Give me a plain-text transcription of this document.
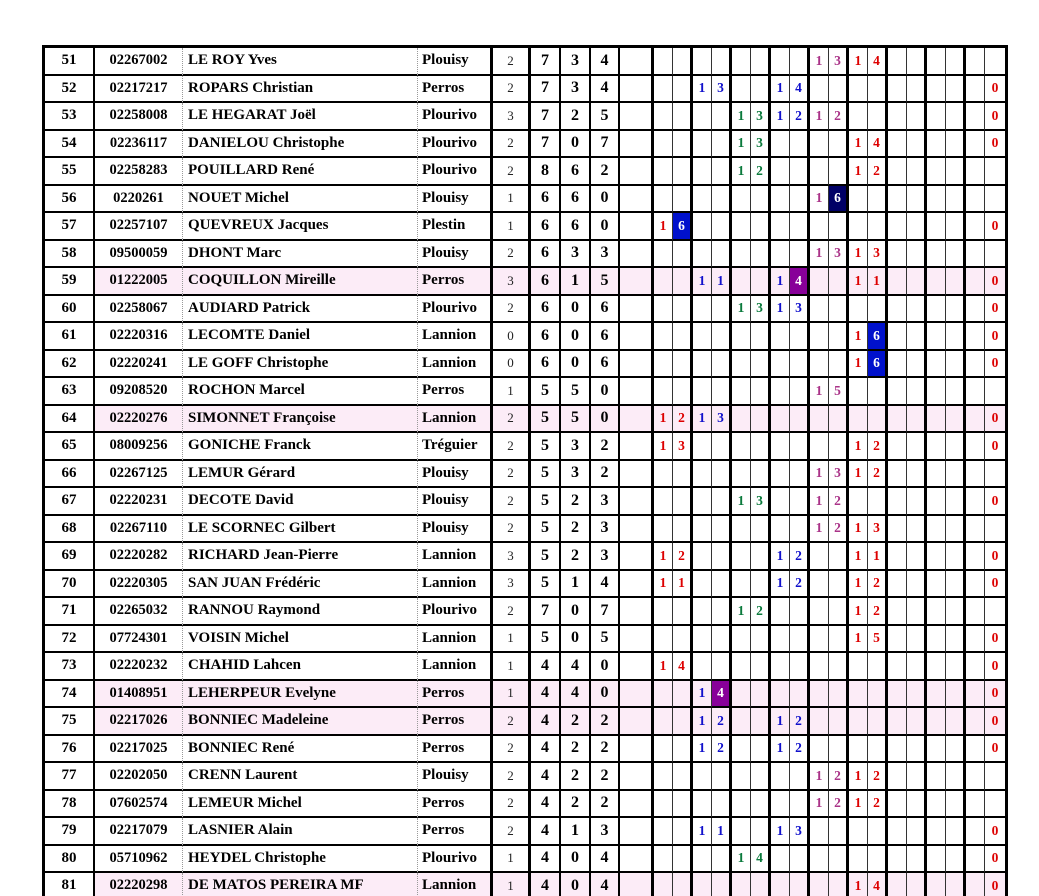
51	02267002	LE ROY Yves	Plouisy	2	7	3	4	1 3	1 4
52	02217217	ROPARS Christian	Perros	2	7	3	4	1 3	1 4	0
53	02258008	LE HEGARAT Joël	Plourivo	3	7	2	5	1 3	1 2	1 2	0
54	02236117	DANIELOU Christophe	Plourivo	2	7	0	7	1 3	1 4	0
55	02258283	POUILLARD René	Plourivo	2	8	6	2	1 2	1 2
56	0220261	NOUET Michel	Plouisy	1	6	6	0	1 6
57	02257107	QUEVREUX Jacques	Plestin	1	6	6	0	1 6	0
58	09500059	DHONT Marc	Plouisy	2	6	3	3	1 3	1 3
59	01222005	COQUILLON Mireille	Perros	3	6	1	5	1 1	1 4	1 1	0
60	02258067	AUDIARD Patrick	Plourivo	2	6	0	6	1 3	1 3	0
61	02220316	LECOMTE Daniel	Lannion	0	6	0	6	1 6	0
62	02220241	LE GOFF Christophe	Lannion	0	6	0	6	1 6	0
63	09208520	ROCHON Marcel	Perros	1	5	5	0	1 5
64	02220276	SIMONNET Françoise	Lannion	2	5	5	0	1 2	1 3	0
65	08009256	GONICHE Franck	Tréguier	2	5	3	2	1 3	1 2	0
66	02267125	LEMUR Gérard	Plouisy	2	5	3	2	1 3	1 2
67	02220231	DECOTE David	Plouisy	2	5	2	3	1 3	1 2	0
68	02267110	LE SCORNEC Gilbert	Plouisy	2	5	2	3	1 2	1 3
69	02220282	RICHARD Jean-Pierre	Lannion	3	5	2	3	1 2	1 2	1 1	0
70	02220305	SAN JUAN Frédéric	Lannion	3	5	1	4	1 1	1 2	1 2	0
71	02265032	RANNOU Raymond	Plourivo	2	7	0	7	1 2	1 2
72	07724301	VOISIN Michel	Lannion	1	5	0	5	1 5	0
73	02220232	CHAHID Lahcen	Lannion	1	4	4	0	1 4	0
74	01408951	LEHERPEUR Evelyne	Perros	1	4	4	0	1 4	0
75	02217026	BONNIEC Madeleine	Perros	2	4	2	2	1 2	1 2	0
76	02217025	BONNIEC René	Perros	2	4	2	2	1 2	1 2	0
77	02202050	CRENN Laurent	Plouisy	2	4	2	2	1 2	1 2
78	07602574	LEMEUR Michel	Perros	2	4	2	2	1 2	1 2
79	02217079	LASNIER Alain	Perros	2	4	1	3	1 1	1 3	0
80	05710962	HEYDEL Christophe	Plourivo	1	4	0	4	1 4	0
81	02220298	DE MATOS PEREIRA MF	Lannion	1	4	0	4	1 4	0
